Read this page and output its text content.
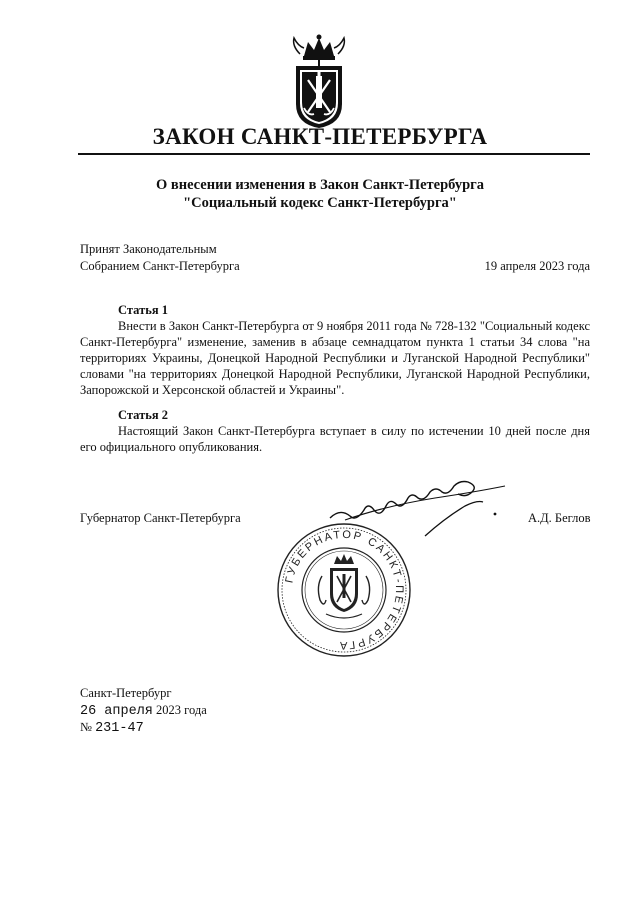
ЗАКОН САНКТ-ПЕТЕРБУРГА
О внесении изменения в Закон Санкт-Петербурга
"Социальный кодекс Санкт-Петербурга"
Принят Законодательным
Собранием Санкт-Петербурга	19 апреля 2023 года
Статья 1
Внести в Закон Санкт-Петербурга от 9 ноября 2011 года № 728-132 "Социальный кодекс Санкт-Петербурга" изменение, заменив в абзаце семнадцатом пункта 1 статьи 34 слова "на территориях Украины, Донецкой Народной Республики и Луганской Народной Республики" словами "на территориях Донецкой Народной Республики, Луганской Народной Республики, Запорожской и Херсонской областей и Украины".
Статья 2
Настоящий Закон Санкт-Петербурга вступает в силу по истечении 10 дней после дня его официального опубликования.
Губернатор Санкт-Петербурга	А.Д. Беглов
ГУБЕРНАТОР САНКТ-ПЕТЕРБУРГА
Санкт-Петербург
26 апреля 2023 года
№ 231-47
